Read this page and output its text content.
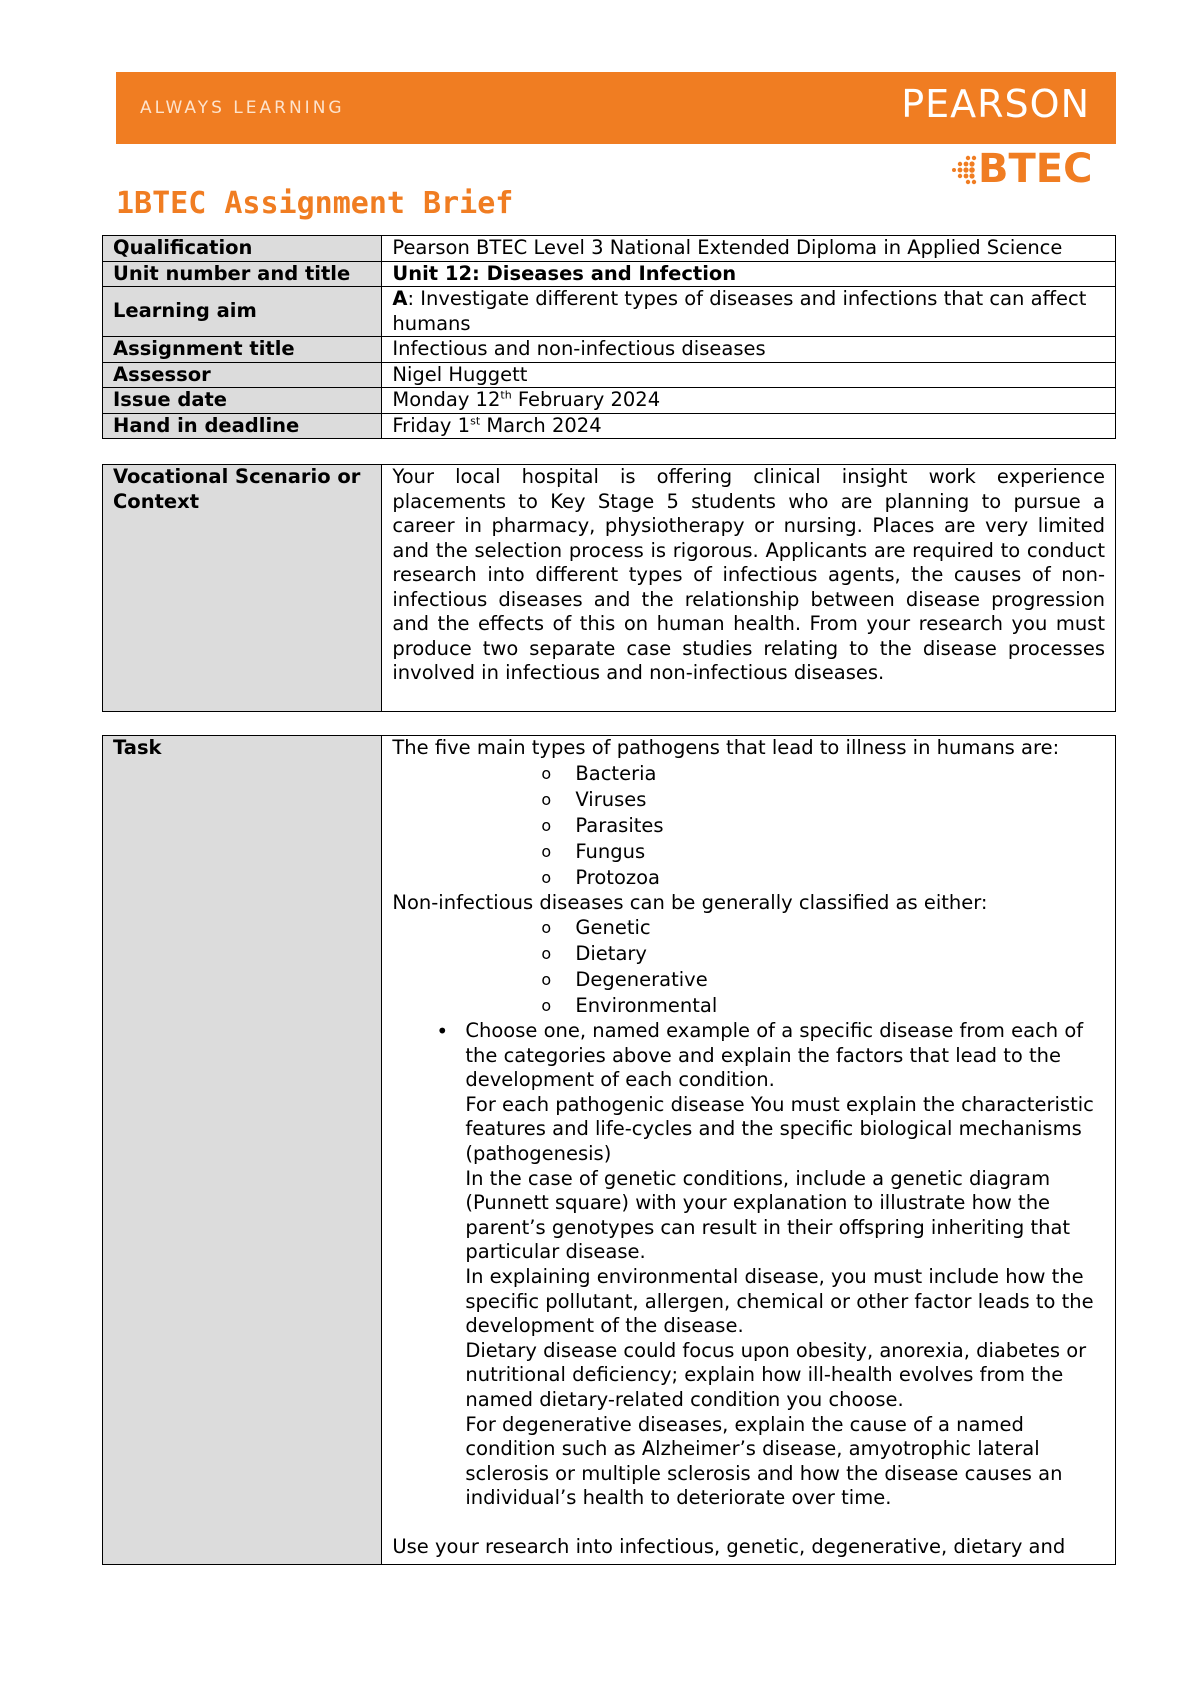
ALWAYS LEARNING	PEARSON
BTEC
1BTEC Assignment Brief
Qualification	Pearson BTEC Level 3 National Extended Diploma in Applied Science
Unit number and title	Unit 12: Diseases and Infection
Learning aim	A: Investigate different types of diseases and infections that can affect humans
Assignment title	Infectious and non-infectious diseases
Assessor	Nigel Huggett
Issue date	Monday 12th February 2024
Hand in deadline	Friday 1st March 2024
Vocational Scenario or Context	Your local hospital is offering clinical insight work experience placements to Key Stage 5 students who are planning to pursue a career in pharmacy, physiotherapy or nursing. Places are very limited and the selection process is rigorous. Applicants are required to conduct research into different types of infectious agents, the causes of non-infectious diseases and the relationship between disease progression and the effects of this on human health. From your research you must produce two separate case studies relating to the disease processes involved in infectious and non-infectious diseases.
Task	The five main types of pathogens that lead to illness in humans are:
o Bacteria
o Viruses
o Parasites
o Fungus
o Protozoa
Non-infectious diseases can be generally classified as either:
o Genetic
o Dietary
o Degenerative
o Environmental
• Choose one, named example of a specific disease from each of the categories above and explain the factors that lead to the development of each condition.
For each pathogenic disease You must explain the characteristic features and life-cycles and the specific biological mechanisms (pathogenesis)
In the case of genetic conditions, include a genetic diagram (Punnett square) with your explanation to illustrate how the parent’s genotypes can result in their offspring inheriting that particular disease.
In explaining environmental disease, you must include how the specific pollutant, allergen, chemical or other factor leads to the development of the disease.
Dietary disease could focus upon obesity, anorexia, diabetes or nutritional deficiency; explain how ill-health evolves from the named dietary-related condition you choose.
For degenerative diseases, explain the cause of a named condition such as Alzheimer’s disease, amyotrophic lateral sclerosis or multiple sclerosis and how the disease causes an individual’s health to deteriorate over time.
Use your research into infectious, genetic, degenerative, dietary and
